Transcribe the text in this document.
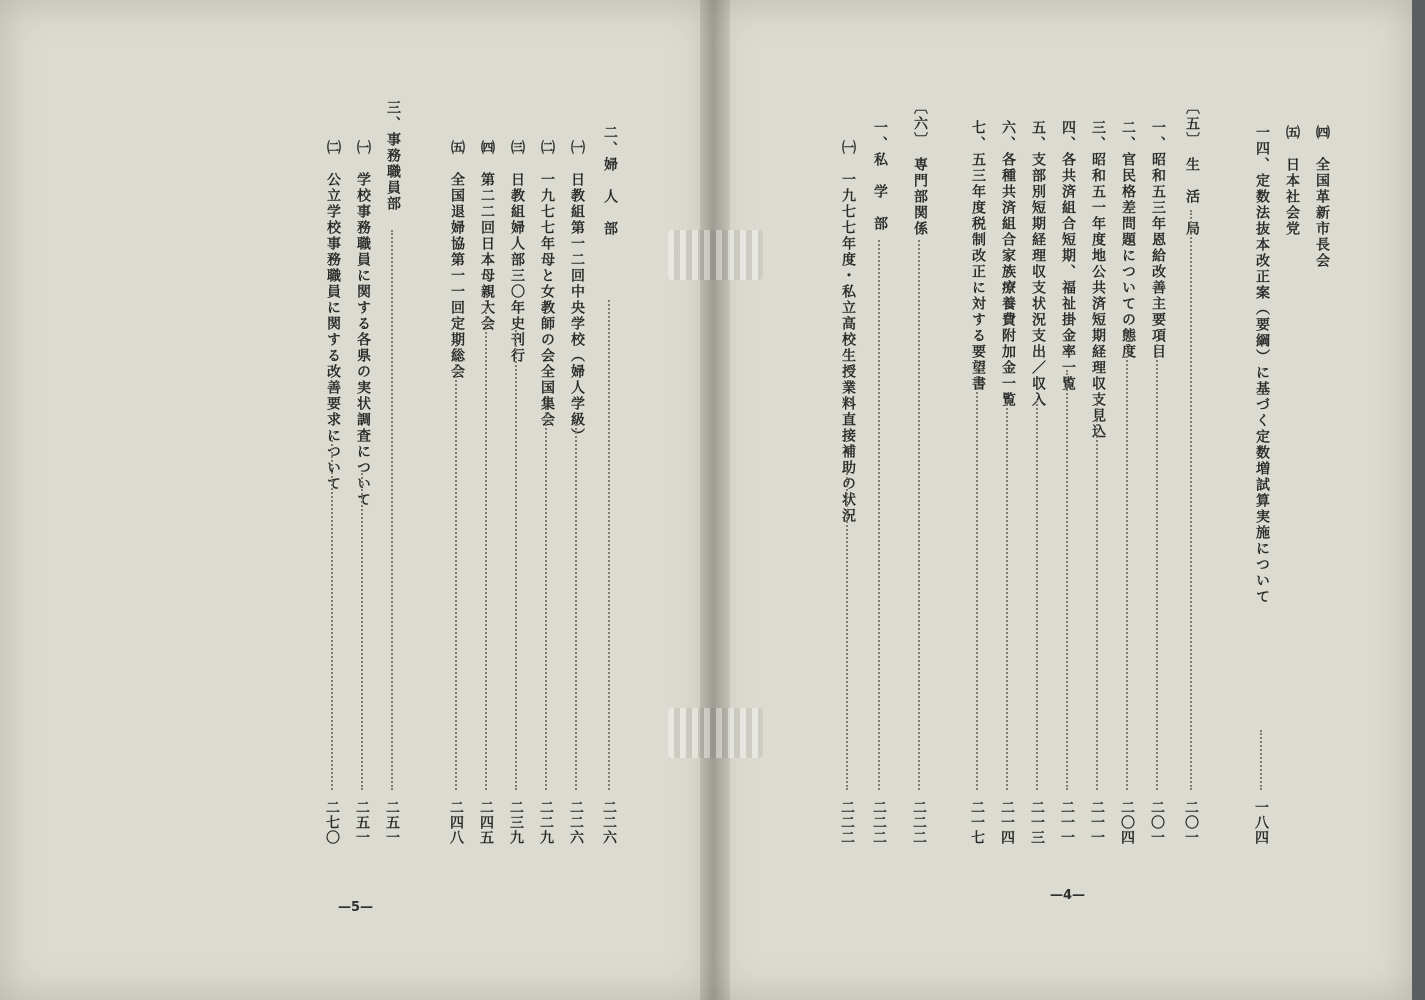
二、婦　人　部
二二六
㈠　日教組第一二回中央学校（婦人学級）
二二六
㈡　一九七七年母と女教師の会全国集会
二二九
㈢　日教組婦人部三〇年史刊行
二三九
㈣　第二二回日本母親大会
二四五
㈤　全国退婦協第一一回定期総会
二四八
三、事務職員部
二五一
㈠　学校事務職員に関する各県の実状調査について
二五一
㈡　公立学校事務職員に関する改善要求について
二七〇
—5—
㈣　全国革新市長会
㈤　日本社会党
一四、定数法抜本改正案（要綱）に基づく定数増試算実施について
一八四
〔五〕　生　活　局
二〇一
一、昭和五三年恩給改善主要項目
二〇一
二、官民格差問題についての態度
二〇四
三、昭和五一年度地公共済短期経理収支見込
二一一
四、各共済組合短期、福祉掛金率一覧
二一一
五、支部別短期経理収支状況支出／収入
二一三
六、各種共済組合家族療養費附加金一覧
二一四
七、五三年度税制改正に対する要望書
二一七
〔六〕　専門部関係
二二二
一、私　学　部
二二二
㈠　一九七七年度・私立高校生授業料直接補助の状況
二二二
—4—
